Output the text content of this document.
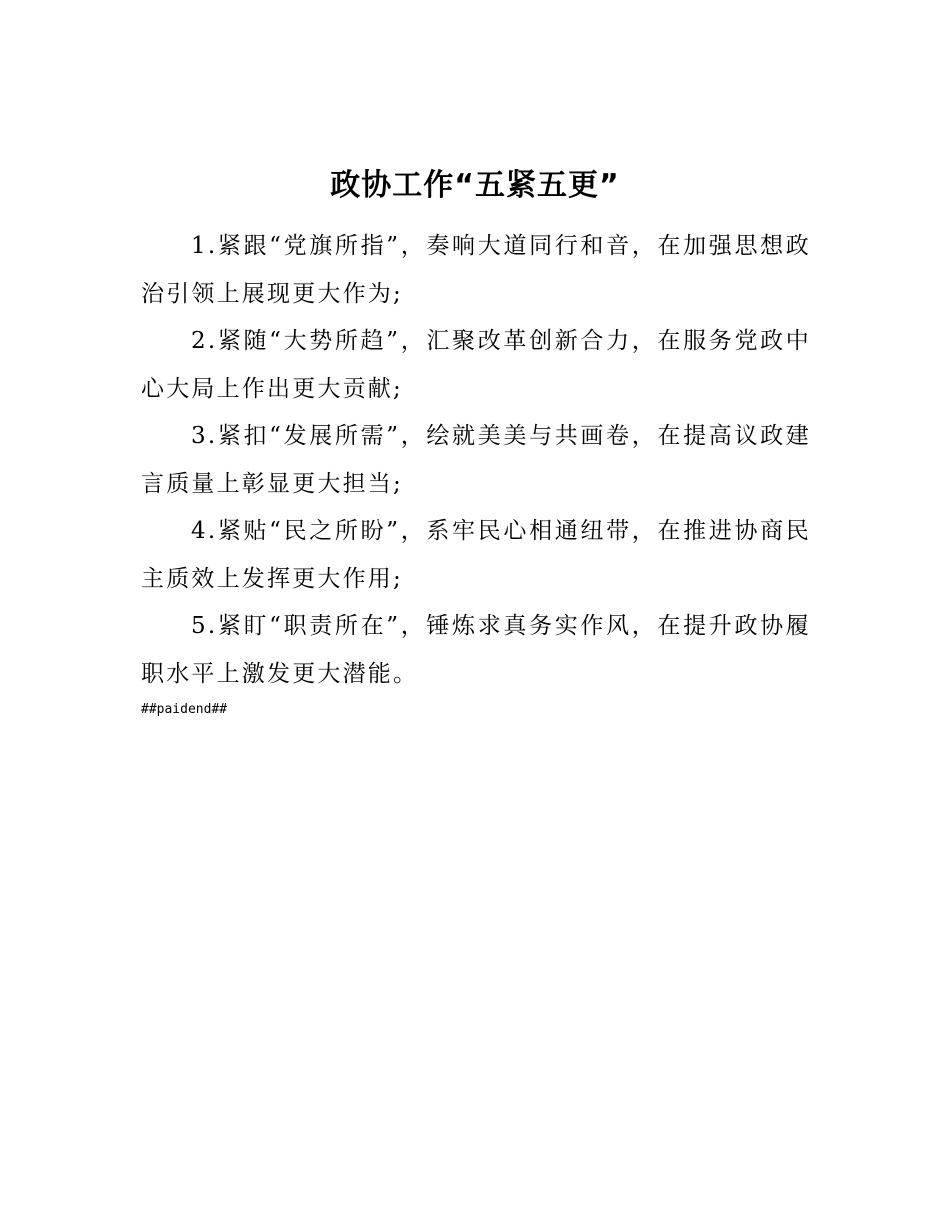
政协工作“五紧五更”

1.紧跟“党旗所指”，奏响大道同行和音，在加强思想政治引领上展现更大作为;

2.紧随“大势所趋”，汇聚改革创新合力，在服务党政中心大局上作出更大贡献;

3.紧扣“发展所需”，绘就美美与共画卷，在提高议政建言质量上彰显更大担当;

4.紧贴“民之所盼”，系牢民心相通纽带，在推进协商民主质效上发挥更大作用;

5.紧盯“职责所在”，锤炼求真务实作风，在提升政协履职水平上激发更大潜能。

##paidend##
